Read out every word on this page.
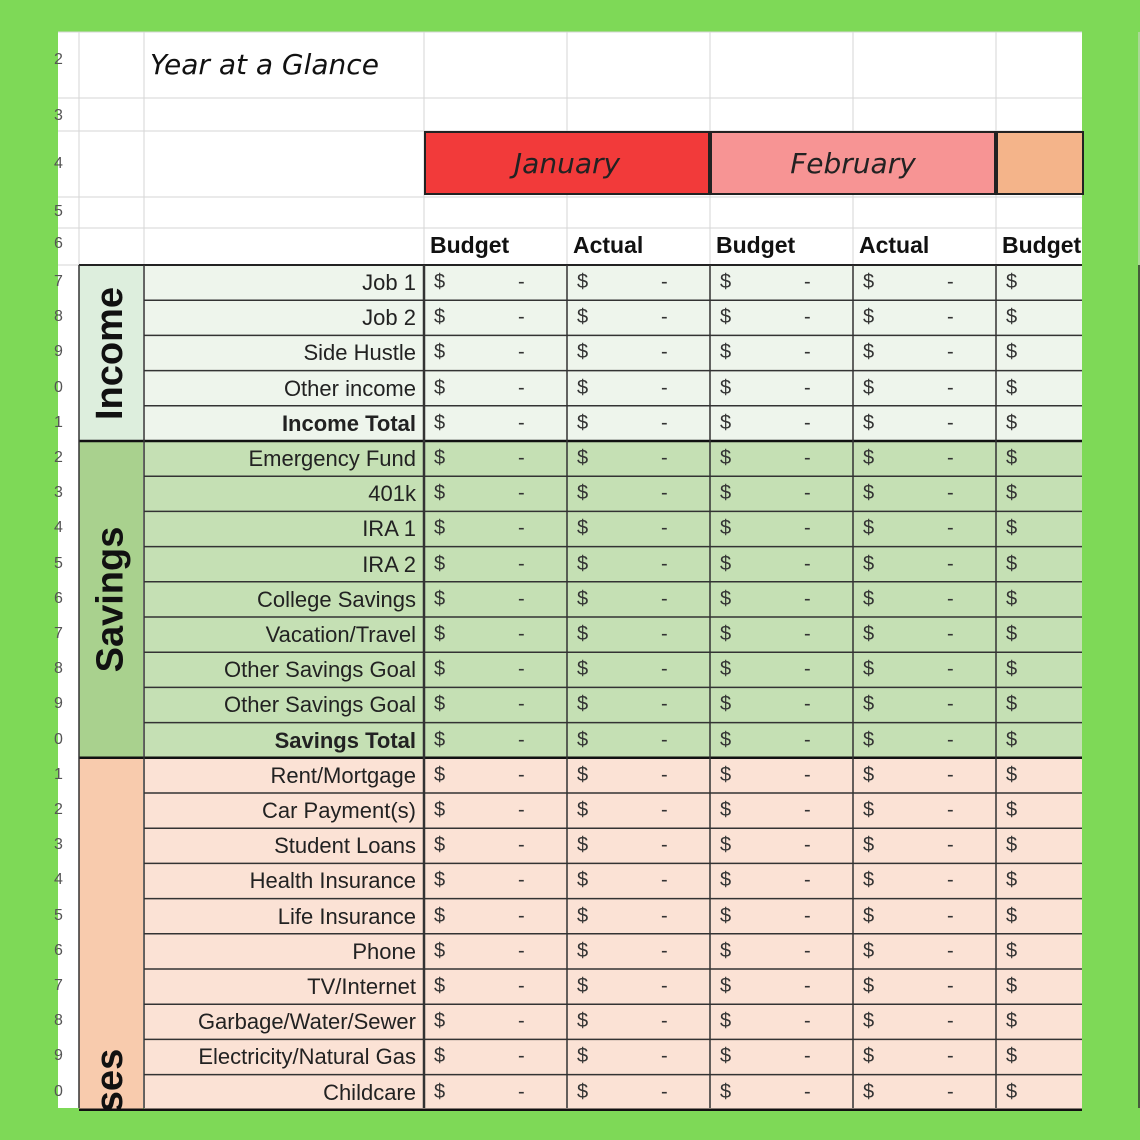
2
3
4
5
6
7
8
9
0
1
2
3
4
5
6
7
8
9
0
1
2
3
4
5
6
7
8
9
0
Income
Savings
ses
Year at a Glance
January	February
Budget	Actual	Budget	Actual	Budget
Job 1 $	-	$	-	$	-	$	-	$
Job 2 $	-	$	-	$	-	$	-	$
Side Hustle $	-	$	-	$	-	$	-	$
Other income $	-	$	-	$	-	$	-	$
Income Total $	-	$	-	$	-	$	-	$
Emergency Fund $	-	$	-	$	-	$	-	$
401k $	-	$	-	$	-	$	-	$
IRA 1 $	-	$	-	$	-	$	-	$
IRA 2 $	-	$	-	$	-	$	-	$
College Savings $	-	$	-	$	-	$	-	$
Vacation/Travel $	-	$	-	$	-	$	-	$
Other Savings Goal $	-	$	-	$	-	$	-	$
Other Savings Goal $	-	$	-	$	-	$	-	$
Savings Total $	-	$	-	$	-	$	-	$
Rent/Mortgage $	-	$	-	$	-	$	-	$
Car Payment(s) $	-	$	-	$	-	$	-	$
Student Loans $	-	$	-	$	-	$	-	$
Health Insurance $	-	$	-	$	-	$	-	$
Life Insurance $	-	$	-	$	-	$	-	$
Phone $	-	$	-	$	-	$	-	$
TV/Internet $	-	$	-	$	-	$	-	$
Garbage/Water/Sewer $	-	$	-	$	-	$	-	$
Electricity/Natural Gas $	-	$	-	$	-	$	-	$
Childcare $	-	$	-	$	-	$	-	$
